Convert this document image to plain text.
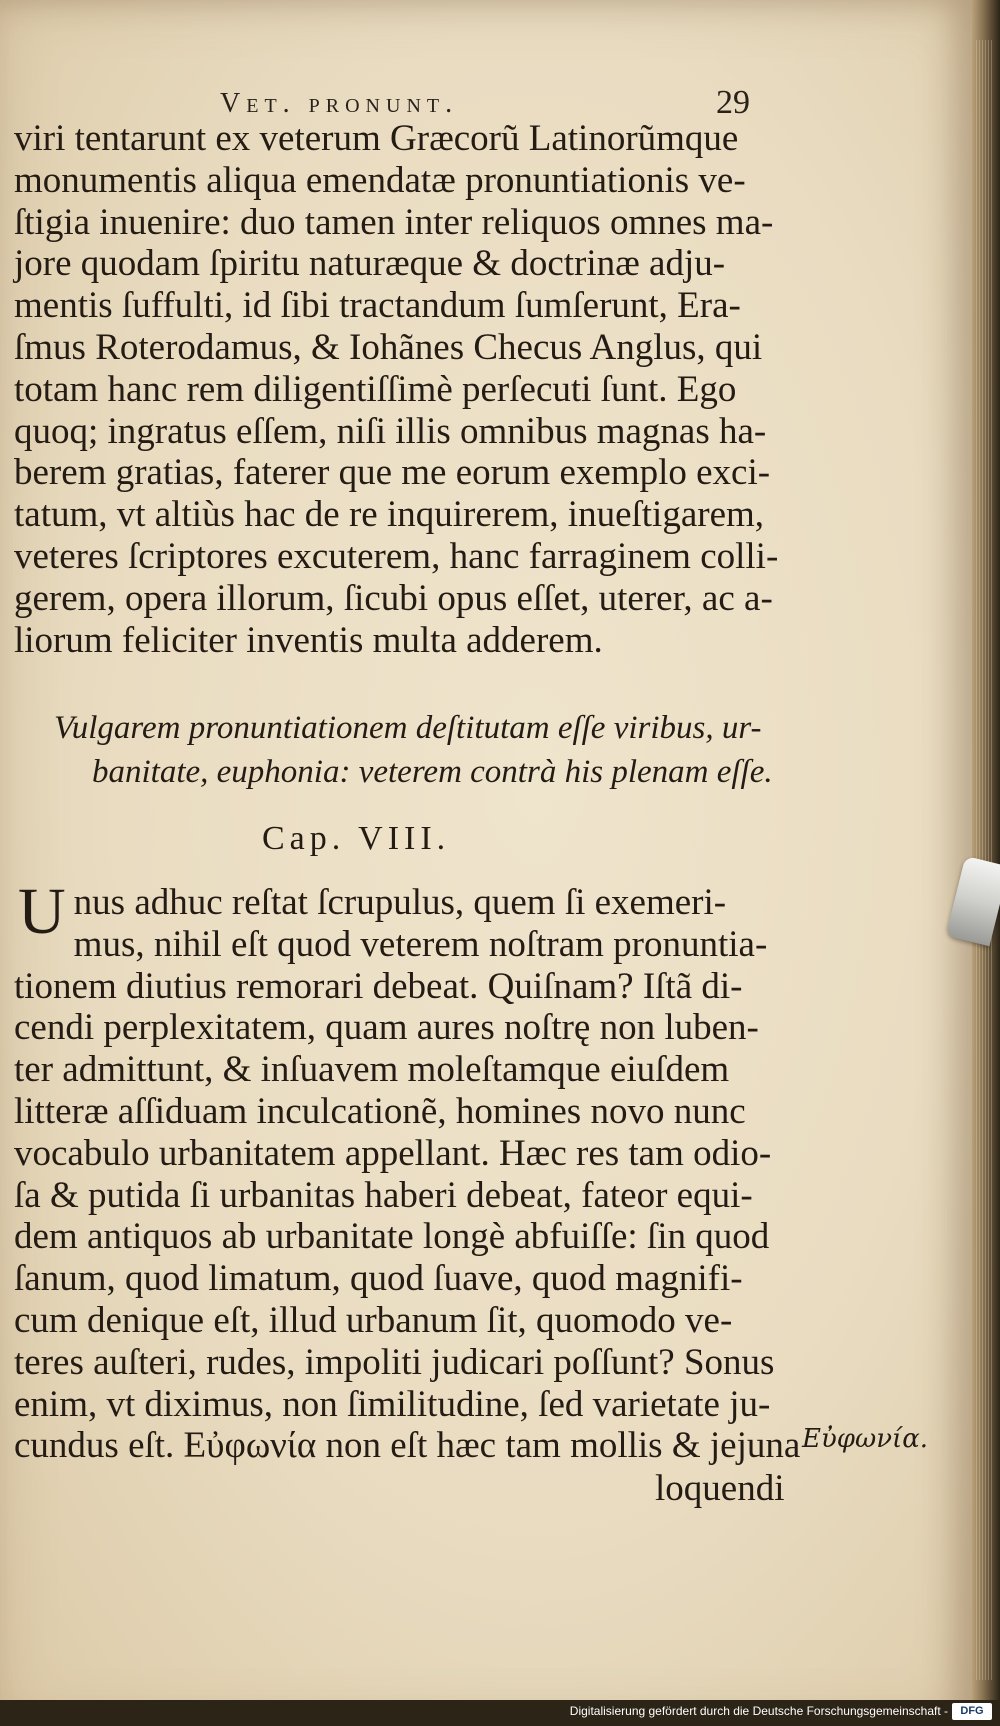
Vet. pronunt.	29
viri tentarunt ex veterum Græcorũ Latinorũmque
monumentis aliqua emendatæ pronuntiationis ve-
ſtigia inuenire: duo tamen inter reliquos omnes ma-
jore quodam ſpiritu naturæque & doctrinæ adju-
mentis ſuffulti, id ſibi tractandum ſumſerunt, Era-
ſmus Roterodamus, & Iohãnes Checus Anglus, qui
totam hanc rem diligentiſſimè perſecuti ſunt. Ego
quoq; ingratus eſſem, niſi illis omnibus magnas ha-
berem gratias, faterer que me eorum exemplo exci-
tatum, vt altiùs hac de re inquirerem, inueſtigarem,
veteres ſcriptores excuterem, hanc farraginem colli-
gerem, opera illorum, ſicubi opus eſſet, uterer, ac a-
liorum feliciter inventis multa adderem.
Vulgarem pronuntiationem deſtitutam eſſe viribus, ur-
banitate, euphonia: veterem contrà his plenam eſſe.
Cap. VIII.
U nus adhuc reſtat ſcrupulus, quem ſi exemeri-
mus, nihil eſt quod veterem noſtram pronuntia-
tionem diutius remorari debeat. Quiſnam? Iſtã di-
cendi perplexitatem, quam aures noſtrę non luben-
ter admittunt, & inſuavem moleſtamque eiuſdem
litteræ aſſiduam inculcationẽ, homines novo nunc
vocabulo urbanitatem appellant. Hæc res tam odio-
ſa & putida ſi urbanitas haberi debeat, fateor equi-
dem antiquos ab urbanitate longè abfuiſſe: ſin quod
ſanum, quod limatum, quod ſuave, quod magnifi-
cum denique eſt, illud urbanum ſit, quomodo ve-
teres auſteri, rudes, impoliti judicari poſſunt? Sonus
enim, vt diximus, non ſimilitudine, ſed varietate ju-
cundus eſt. Εὐφωνία non eſt hæc tam mollis & jejuna Εὐφωνία.
loquendi
Digitalisierung gefördert durch die Deutsche Forschungsgemeinschaft -	DFG
